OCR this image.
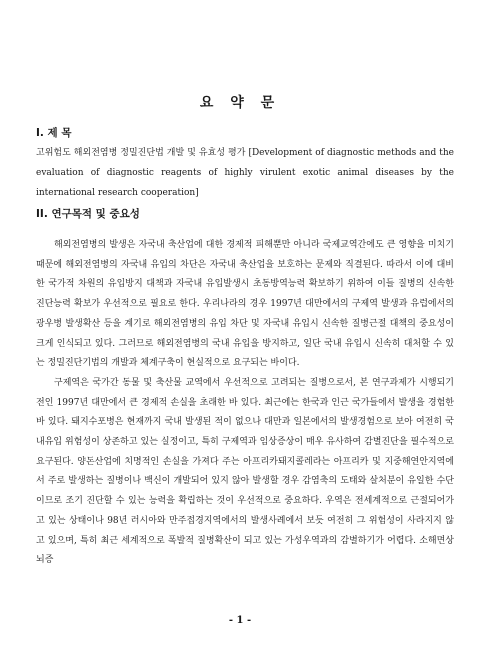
요 약 문
I. 제 목
고위험도 해외전염병 정밀진단법 개발 및 유효성 평가 [Development of diagnostic methods and the evaluation of diagnostic reagents of highly virulent exotic animal diseases by the international research cooperation]
II. 연구목적 및 중요성

해외전염병의 발생은 자국내 축산업에 대한 경제적 피해뿐만 아니라 국제교역간에도 큰 영향을 미치기 때문에 해외전염병의 자국내 유입의 차단은 자국내 축산업을 보호하는 문제와 직결된다. 따라서 이에 대비한 국가적 차원의 유입방지 대책과 자국내 유입발생시 초동방역능력 확보하기 위하여 이들 질병의 신속한 진단능력 확보가 우선적으로 필요로 한다. 우리나라의 경우 1997년 대만에서의 구제역 발생과 유럽에서의 광우병 발생확산 등을 계기로 해외전염병의 유입 차단 및 자국내 유입시 신속한 질병근절 대책의 중요성이 크게 인식되고 있다. 그러므로 해외전염병의 국내 유입을 방지하고, 일단 국내 유입시 신속히 대처할 수 있는 정밀진단기법의 개발과 체계구축이 현실적으로 요구되는 바이다.

구제역은 국가간 동물 및 축산물 교역에서 우선적으로 고려되는 질병으로서, 본 연구과제가 시행되기 전인 1997년 대만에서 큰 경제적 손실을 초래한 바 있다. 최근에는 한국과 인근 국가들에서 발생을 경험한 바 있다. 돼지수포병은 현재까지 국내 발생된 적이 없으나 대만과 일본에서의 발생경험으로 보아 여전히 국내유입 위험성이 상존하고 있는 실정이고, 특히 구제역과 임상증상이 매우 유사하여 감별진단을 필수적으로 요구된다. 양돈산업에 치명적인 손실을 가져다 주는 아프리카돼지콜레라는 아프리카 및 지중해연안지역에서 주로 발생하는 질병이나 백신이 개발되어 있지 않아 발생할 경우 감염축의 도태와 살처분이 유일한 수단이므로 조기 진단할 수 있는 능력을 확립하는 것이 우선적으로 중요하다. 우역은 전세계적으로 근절되어가고 있는 상태이나 98년 러시아와 만주접경지역에서의 발생사례에서 보듯 여전히 그 위험성이 사라지지 않고 있으며, 특히 최근 세계적으로 폭발적 질병확산이 되고 있는 가성우역과의 감별하기가 어렵다. 소해면상뇌증

- 1 -
